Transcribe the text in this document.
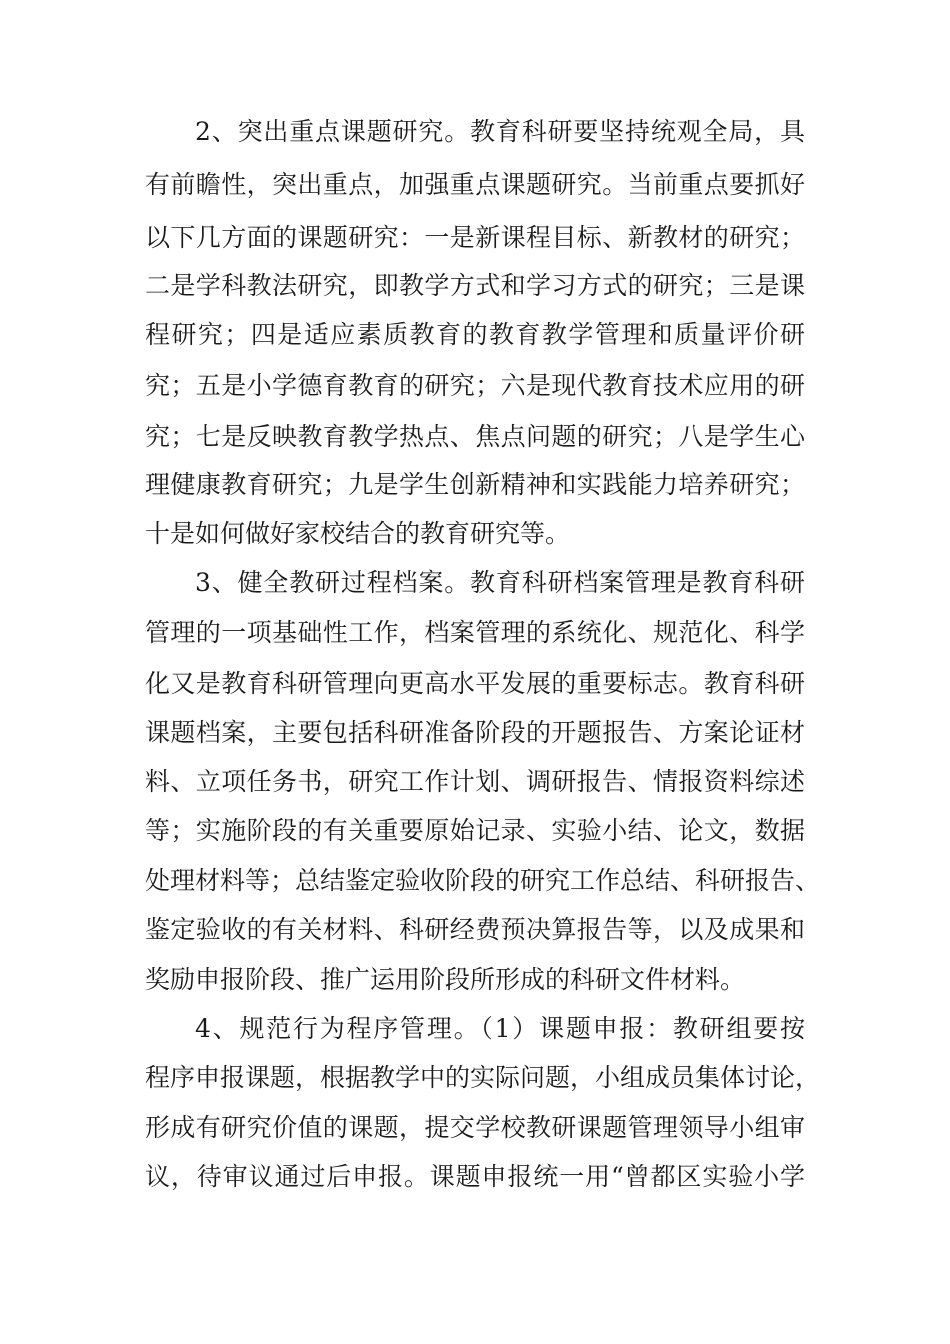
2、突出重点课题研究。教育科研要坚持统观全局，具
有前瞻性，突出重点，加强重点课题研究。当前重点要抓好
以下几方面的课题研究：一是新课程目标、新教材的研究；
二是学科教法研究，即教学方式和学习方式的研究；三是课
程研究；四是适应素质教育的教育教学管理和质量评价研
究；五是小学德育教育的研究；六是现代教育技术应用的研
究；七是反映教育教学热点、焦点问题的研究；八是学生心
理健康教育研究；九是学生创新精神和实践能力培养研究；
十是如何做好家校结合的教育研究等。
3、健全教研过程档案。教育科研档案管理是教育科研
管理的一项基础性工作，档案管理的系统化、规范化、科学
化又是教育科研管理向更高水平发展的重要标志。教育科研
课题档案，主要包括科研准备阶段的开题报告、方案论证材
料、立项任务书，研究工作计划、调研报告、情报资料综述
等；实施阶段的有关重要原始记录、实验小结、论文，数据
处理材料等；总结鉴定验收阶段的研究工作总结、科研报告、
鉴定验收的有关材料、科研经费预决算报告等，以及成果和
奖励申报阶段、推广运用阶段所形成的科研文件材料。
4、规范行为程序管理。（1）课题申报：教研组要按
程序申报课题，根据教学中的实际问题，小组成员集体讨论，
形成有研究价值的课题，提交学校教研课题管理领导小组审
议，待审议通过后申报。课题申报统一用“曾都区实验小学
